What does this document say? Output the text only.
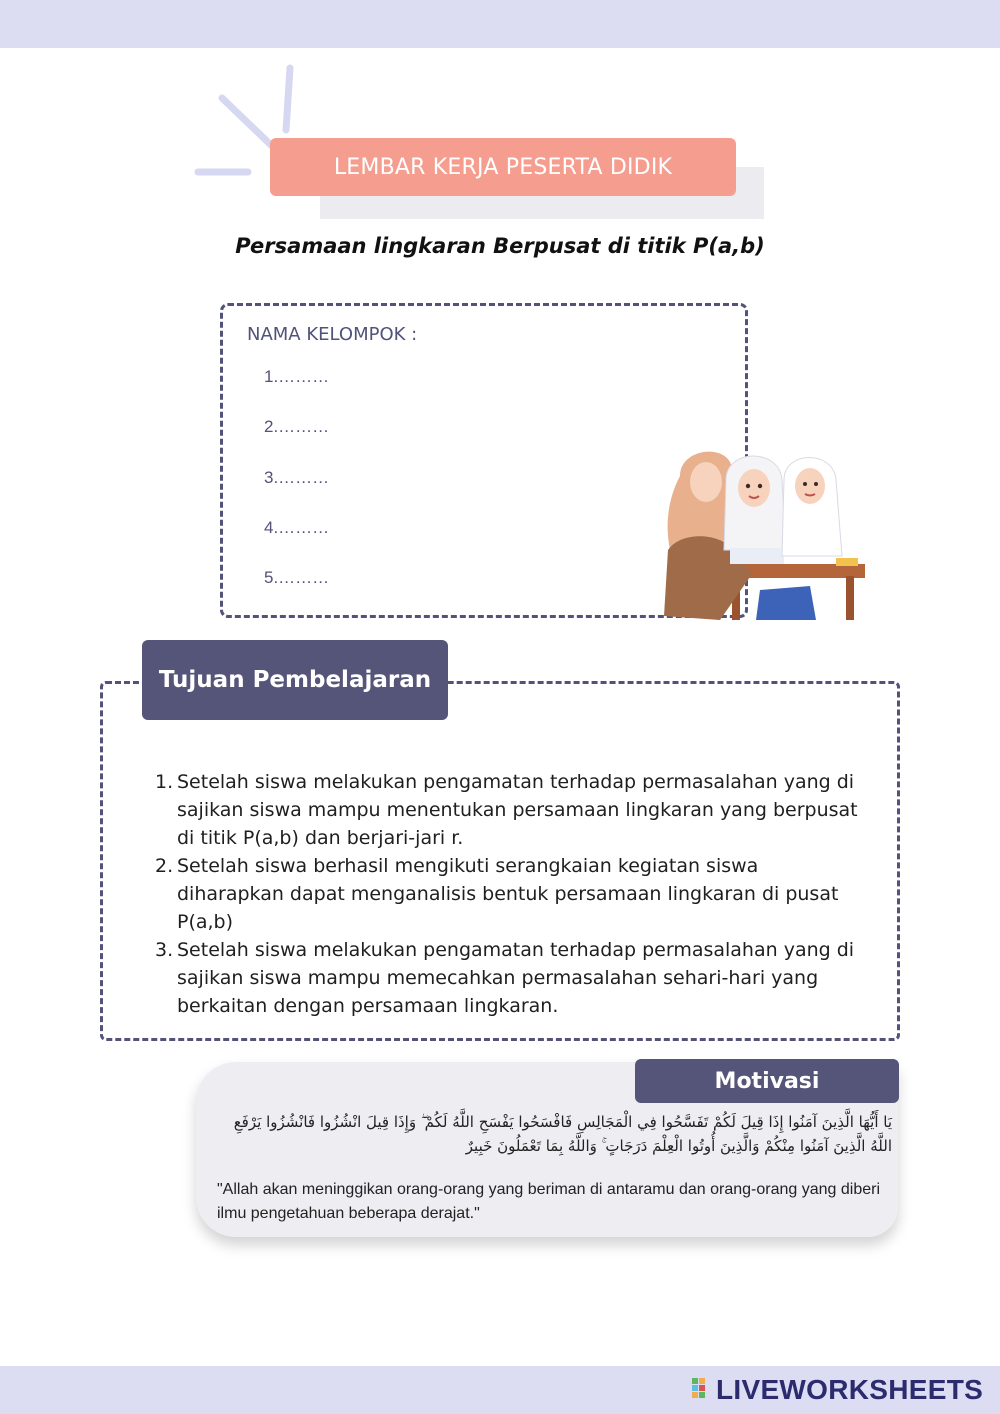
LEMBAR KERJA PESERTA DIDIK
Persamaan lingkaran Berpusat di titik P(a,b)
NAMA KELOMPOK :
1.………
2.………
3.………
4.………
5.………
Tujuan Pembelajaran
1. Setelah siswa melakukan pengamatan terhadap permasalahan yang di sajikan siswa mampu menentukan persamaan lingkaran yang berpusat di titik P(a,b) dan berjari-jari r.
2. Setelah siswa berhasil mengikuti serangkaian kegiatan siswa diharapkan dapat menganalisis bentuk persamaan lingkaran di pusat P(a,b)
3. Setelah siswa melakukan pengamatan terhadap permasalahan yang di sajikan siswa mampu memecahkan permasalahan sehari-hari yang berkaitan dengan persamaan lingkaran.
Motivasi
يَا أَيُّهَا الَّذِينَ آمَنُوا إِذَا قِيلَ لَكُمْ تَفَسَّحُوا فِي الْمَجَالِسِ فَافْسَحُوا يَفْسَحِ اللَّهُ لَكُمْ ۖ وَإِذَا قِيلَ انْشُزُوا فَانْشُزُوا يَرْفَعِ اللَّهُ الَّذِينَ آمَنُوا مِنْكُمْ وَالَّذِينَ أُوتُوا الْعِلْمَ دَرَجَاتٍ ۚ وَاللَّهُ بِمَا تَعْمَلُونَ خَبِيرٌ
"Allah akan meninggikan orang-orang yang beriman di antaramu dan orang-orang yang diberi ilmu pengetahuan beberapa derajat."
LIVEWORKSHEETS
